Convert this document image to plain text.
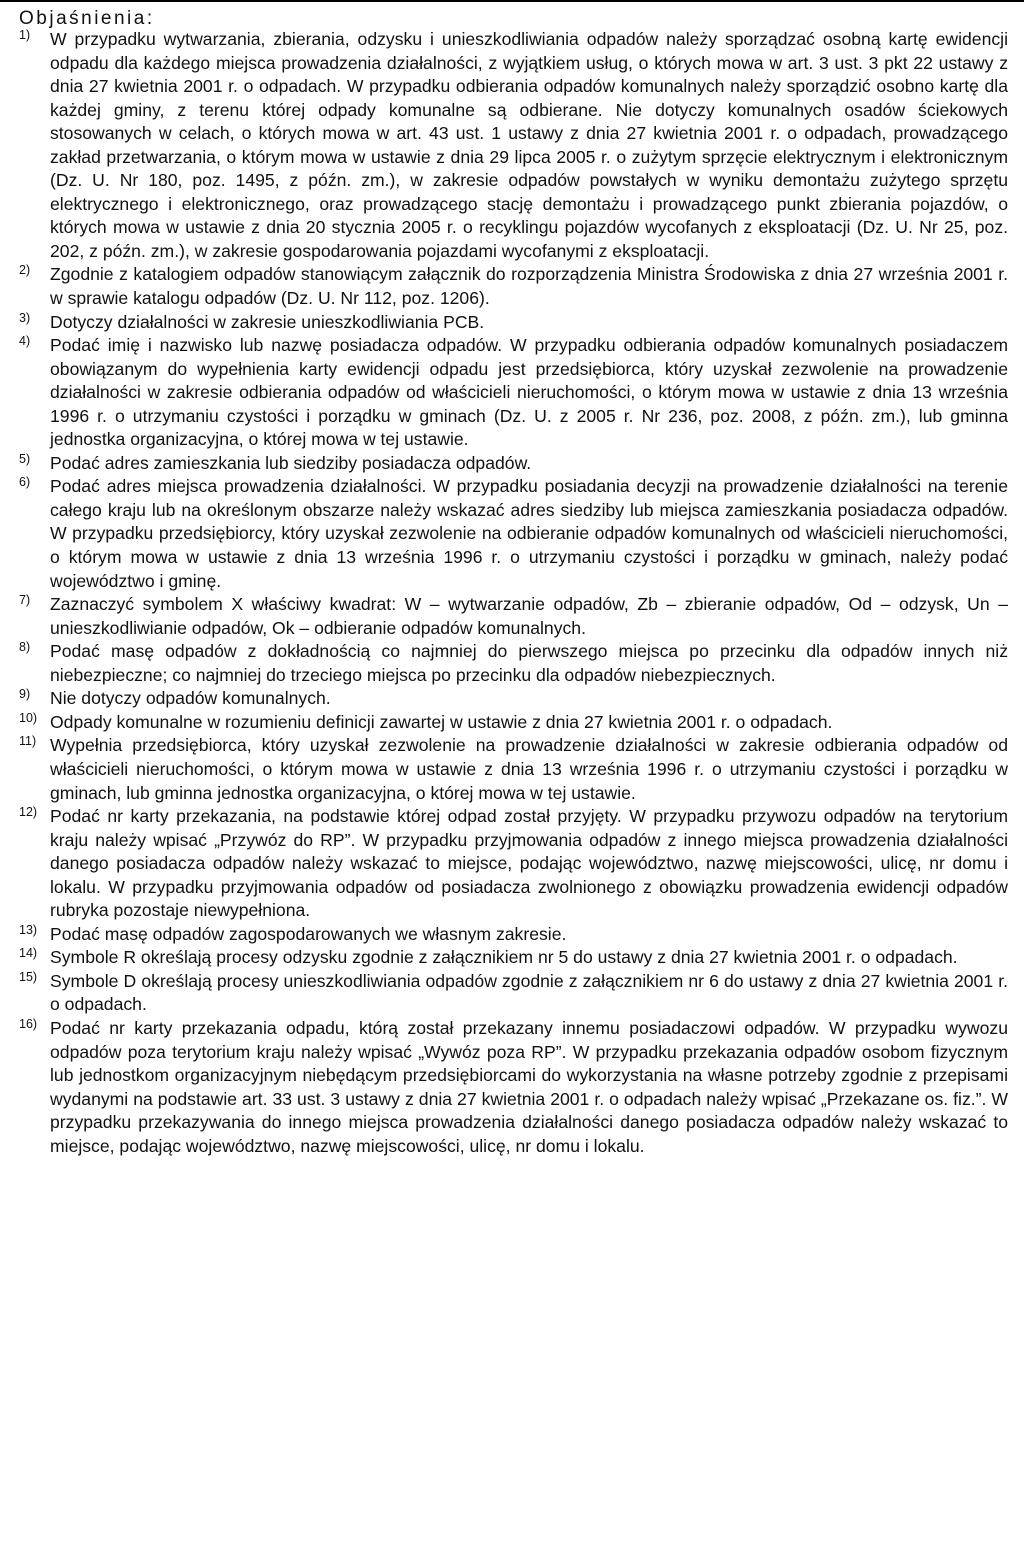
Objaśnienia:
1) W przypadku wytwarzania, zbierania, odzysku i unieszkodliwiania odpadów należy sporządzać osobną kartę ewidencji odpadu dla każdego miejsca prowadzenia działalności, z wyjątkiem usług, o których mowa w art. 3 ust. 3 pkt 22 ustawy z dnia 27 kwietnia 2001 r. o odpadach. W przypadku odbierania odpadów komunalnych należy sporządzić osobno kartę dla każdej gminy, z terenu której odpady komunalne są odbierane. Nie dotyczy komunalnych osadów ściekowych stosowanych w celach, o których mowa w art. 43 ust. 1 ustawy z dnia 27 kwietnia 2001 r. o odpadach, prowadzącego zakład przetwarzania, o którym mowa w ustawie z dnia 29 lipca 2005 r. o zużytym sprzęcie elektrycznym i elektronicznym (Dz. U. Nr 180, poz. 1495, z późn. zm.), w zakresie odpadów powstałych w wyniku demontażu zużytego sprzętu elektrycznego i elektronicznego, oraz prowadzącego stację demontażu i prowadzącego punkt zbierania pojazdów, o których mowa w ustawie z dnia 20 stycznia 2005 r. o recyklingu pojazdów wycofanych z eksploatacji (Dz. U. Nr 25, poz. 202, z późn. zm.), w zakresie gospodarowania pojazdami wycofanymi z eksploatacji.

2) Zgodnie z katalogiem odpadów stanowiącym załącznik do rozporządzenia Ministra Środowiska z dnia 27 września 2001 r. w sprawie katalogu odpadów (Dz. U. Nr 112, poz. 1206).

3) Dotyczy działalności w zakresie unieszkodliwiania PCB.

4) Podać imię i nazwisko lub nazwę posiadacza odpadów. W przypadku odbierania odpadów komunalnych posiadaczem obowiązanym do wypełnienia karty ewidencji odpadu jest przedsiębiorca, który uzyskał zezwolenie na prowadzenie działalności w zakresie odbierania odpadów od właścicieli nieruchomości, o którym mowa w ustawie z dnia 13 września 1996 r. o utrzymaniu czystości i porządku w gminach (Dz. U. z 2005 r. Nr 236, poz. 2008, z późn. zm.), lub gminna jednostka organizacyjna, o której mowa w tej ustawie.

5) Podać adres zamieszkania lub siedziby posiadacza odpadów.

6) Podać adres miejsca prowadzenia działalności. W przypadku posiadania decyzji na prowadzenie działalności na terenie całego kraju lub na określonym obszarze należy wskazać adres siedziby lub miejsca zamieszkania posiadacza odpadów. W przypadku przedsiębiorcy, który uzyskał zezwolenie na odbieranie odpadów komunalnych od właścicieli nieruchomości, o którym mowa w ustawie z dnia 13 września 1996 r. o utrzymaniu czystości i porządku w gminach, należy podać województwo i gminę.

7) Zaznaczyć symbolem X właściwy kwadrat: W – wytwarzanie odpadów, Zb – zbieranie odpadów, Od – odzysk, Un – unieszkodliwianie odpadów, Ok – odbieranie odpadów komunalnych.

8) Podać masę odpadów z dokładnością co najmniej do pierwszego miejsca po przecinku dla odpadów innych niż niebezpieczne; co najmniej do trzeciego miejsca po przecinku dla odpadów niebezpiecznych.

9) Nie dotyczy odpadów komunalnych.

10) Odpady komunalne w rozumieniu definicji zawartej w ustawie z dnia 27 kwietnia 2001 r. o odpadach.

11) Wypełnia przedsiębiorca, który uzyskał zezwolenie na prowadzenie działalności w zakresie odbierania odpadów od właścicieli nieruchomości, o którym mowa w ustawie z dnia 13 września 1996 r. o utrzymaniu czystości i porządku w gminach, lub gminna jednostka organizacyjna, o której mowa w tej ustawie.

12) Podać nr karty przekazania, na podstawie której odpad został przyjęty. W przypadku przywozu odpadów na terytorium kraju należy wpisać „Przywóz do RP”. W przypadku przyjmowania odpadów z innego miejsca prowadzenia działalności danego posiadacza odpadów należy wskazać to miejsce, podając województwo, nazwę miejscowości, ulicę, nr domu i lokalu. W przypadku przyjmowania odpadów od posiadacza zwolnionego z obowiązku prowadzenia ewidencji odpadów rubryka pozostaje niewypełniona.

13) Podać masę odpadów zagospodarowanych we własnym zakresie.

14) Symbole R określają procesy odzysku zgodnie z załącznikiem nr 5 do ustawy z dnia 27 kwietnia 2001 r. o odpadach.

15) Symbole D określają procesy unieszkodliwiania odpadów zgodnie z załącznikiem nr 6 do ustawy z dnia 27 kwietnia 2001 r. o odpadach.

16) Podać nr karty przekazania odpadu, którą został przekazany innemu posiadaczowi odpadów. W przypadku wywozu odpadów poza terytorium kraju należy wpisać „Wywóz poza RP”. W przypadku przekazania odpadów osobom fizycznym lub jednostkom organizacyjnym niebędącym przedsiębiorcami do wykorzystania na własne potrzeby zgodnie z przepisami wydanymi na podstawie art. 33 ust. 3 ustawy z dnia 27 kwietnia 2001 r. o odpadach należy wpisać „Przekazane os. fiz.”. W przypadku przekazywania do innego miejsca prowadzenia działalności danego posiadacza odpadów należy wskazać to miejsce, podając województwo, nazwę miejscowości, ulicę, nr domu i lokalu.
